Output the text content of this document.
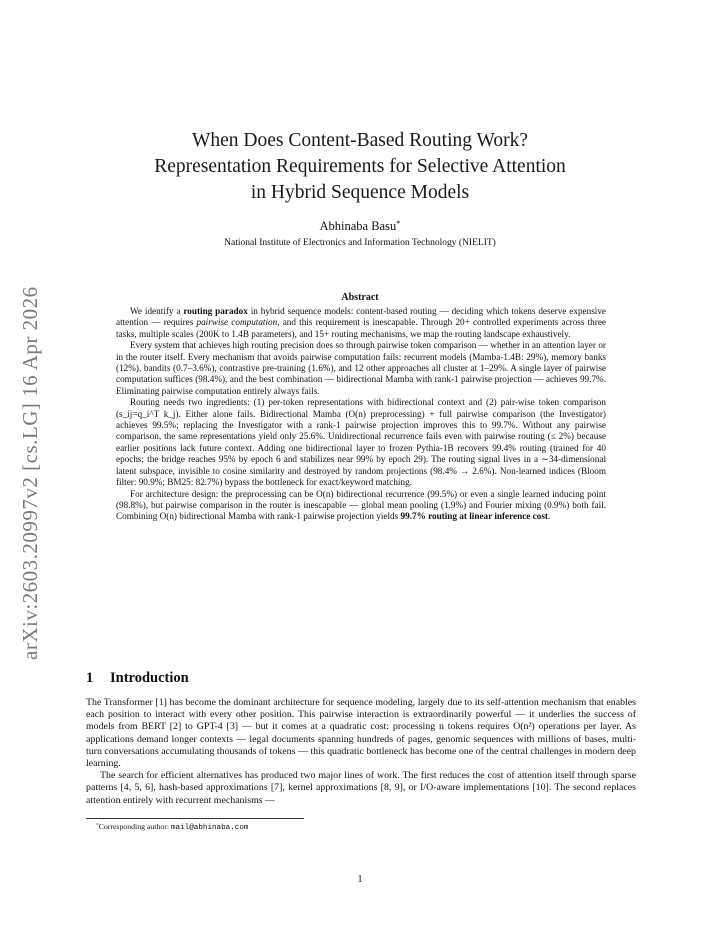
arXiv:2603.20997v2 [cs.LG] 16 Apr 2026
When Does Content-Based Routing Work?
Representation Requirements for Selective Attention
in Hybrid Sequence Models
Abhinaba Basu*
National Institute of Electronics and Information Technology (NIELIT)
Abstract

We identify a routing paradox in hybrid sequence models: content-based routing — deciding which tokens deserve expensive attention — requires pairwise computation, and this requirement is inescapable. Through 20+ controlled experiments across three tasks, multiple scales (200K to 1.4B parameters), and 15+ routing mechanisms, we map the routing landscape exhaustively.

Every system that achieves high routing precision does so through pairwise token comparison — whether in an attention layer or in the router itself. Every mechanism that avoids pairwise computation fails: recurrent models (Mamba-1.4B: 29%), memory banks (12%), bandits (0.7–3.6%), contrastive pre-training (1.6%), and 12 other approaches all cluster at 1–29%. A single layer of pairwise computation suffices (98.4%), and the best combination — bidirectional Mamba with rank-1 pairwise projection — achieves 99.7%. Eliminating pairwise computation entirely always fails.

Routing needs two ingredients: (1) per-token representations with bidirectional context and (2) pair-wise token comparison (s_ij=q_i^T k_j). Either alone fails. Bidirectional Mamba (O(n) preprocessing) + full pairwise comparison (the Investigator) achieves 99.5%; replacing the Investigator with a rank-1 pairwise projection improves this to 99.7%. Without any pairwise comparison, the same representations yield only 25.6%. Unidirectional recurrence fails even with pairwise routing (≤ 2%) because earlier positions lack future context. Adding one bidirectional layer to frozen Pythia-1B recovers 99.4% routing (trained for 40 epochs; the bridge reaches 95% by epoch 6 and stabilizes near 99% by epoch 29). The routing signal lives in a ∼34-dimensional latent subspace, invisible to cosine similarity and destroyed by random projections (98.4% → 2.6%). Non-learned indices (Bloom filter: 90.9%; BM25: 82.7%) bypass the bottleneck for exact/keyword matching.

For architecture design: the preprocessing can be O(n) bidirectional recurrence (99.5%) or even a single learned inducing point (98.8%), but pairwise comparison in the router is inescapable — global mean pooling (1.9%) and Fourier mixing (0.9%) both fail. Combining O(n) bidirectional Mamba with rank-1 pairwise projection yields 99.7% routing at linear inference cost.

1 Introduction

The Transformer [1] has become the dominant architecture for sequence modeling, largely due to its self-attention mechanism that enables each position to interact with every other position. This pairwise interaction is extraordinarily powerful — it underlies the success of models from BERT [2] to GPT-4 [3] — but it comes at a quadratic cost: processing n tokens requires O(n²) operations per layer. As applications demand longer contexts — legal documents spanning hundreds of pages, genomic sequences with millions of bases, multi-turn conversations accumulating thousands of tokens — this quadratic bottleneck has become one of the central challenges in modern deep learning.

The search for efficient alternatives has produced two major lines of work. The first reduces the cost of attention itself through sparse patterns [4, 5, 6], hash-based approximations [7], kernel approximations [8, 9], or I/O-aware implementations [10]. The second replaces attention entirely with recurrent mechanisms —

*Corresponding author: mail@abhinaba.com
1
